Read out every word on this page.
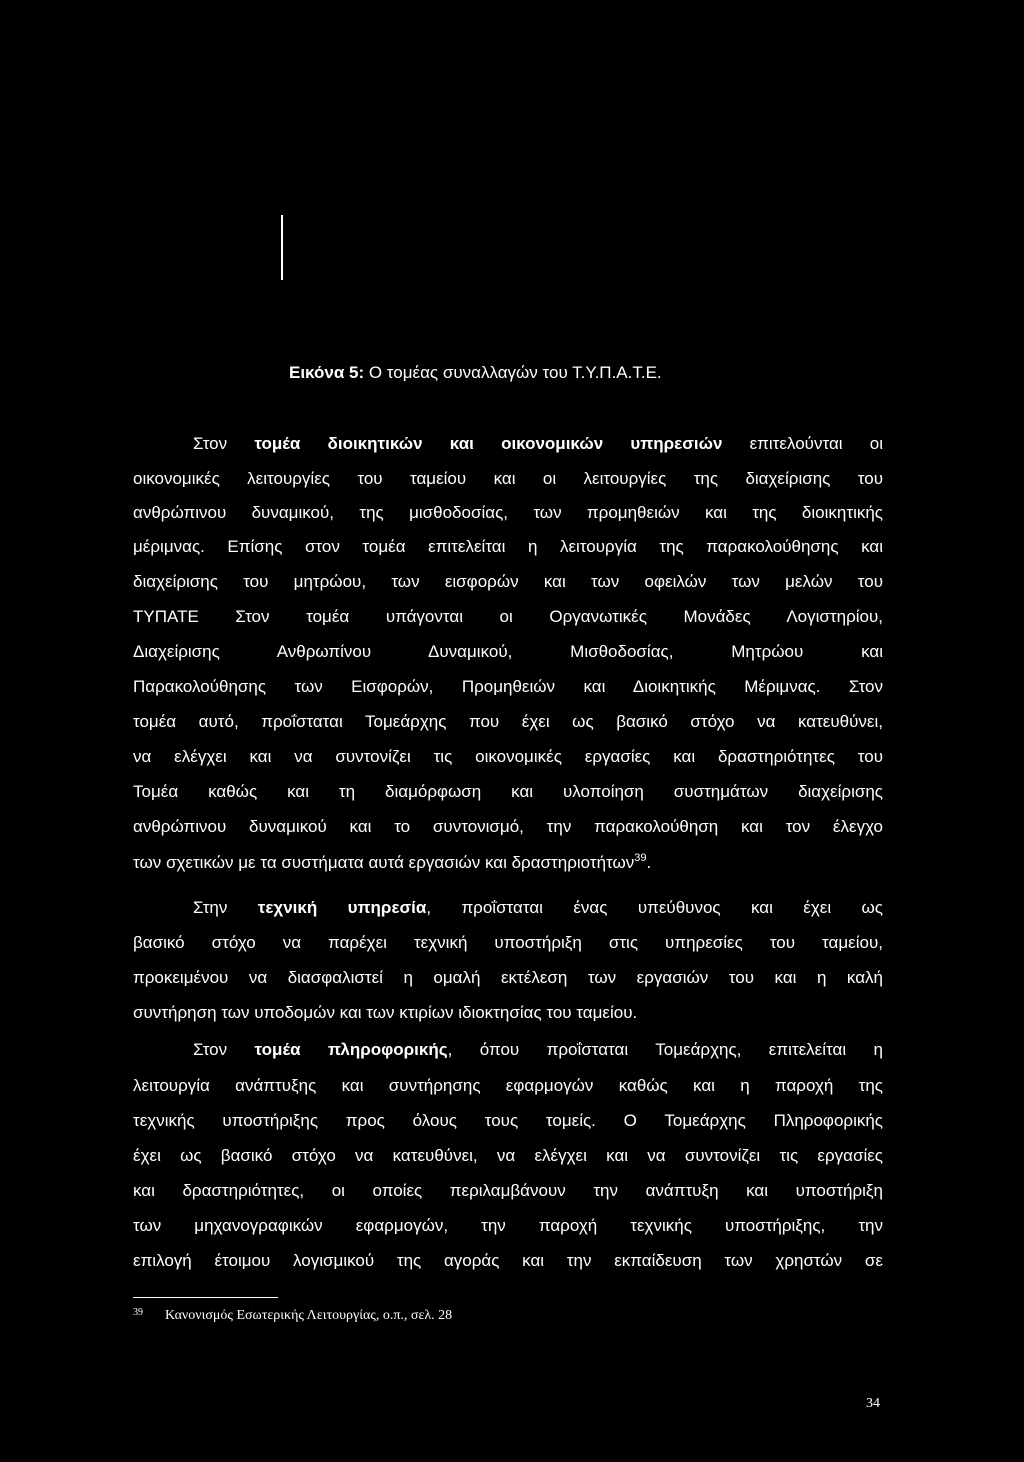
Εικόνα 5: Ο τομέας συναλλαγών του Τ.Υ.Π.Α.Τ.Ε.
Στον τομέα διοικητικών και οικονομικών υπηρεσιών επιτελούνται οι
οικονομικές λειτουργίες του ταμείου και οι λειτουργίες της διαχείρισης του
ανθρώπινου δυναμικού, της μισθοδοσίας, των προμηθειών και της διοικητικής
μέριμνας. Επίσης στον τομέα επιτελείται η λειτουργία της παρακολούθησης και
διαχείρισης του μητρώου, των εισφορών και των οφειλών των μελών του
ΤΥΠΑΤΕ Στον τομέα υπάγονται οι Οργανωτικές Μονάδες Λογιστηρίου,
Διαχείρισης Ανθρωπίνου Δυναμικού, Μισθοδοσίας, Μητρώου και
Παρακολούθησης των Εισφορών, Προμηθειών και Διοικητικής Μέριμνας. Στον
τομέα αυτό, προΐσταται Τομεάρχης που έχει ως βασικό στόχο να κατευθύνει,
να ελέγχει και να συντονίζει τις οικονομικές εργασίες και δραστηριότητες του
Τομέα καθώς και τη διαμόρφωση και υλοποίηση συστημάτων διαχείρισης
ανθρώπινου δυναμικού και το συντονισμό, την παρακολούθηση και τον έλεγχο
των σχετικών με τα συστήματα αυτά εργασιών και δραστηριοτήτων$^{39}$.
Στην τεχνική υπηρεσία, προΐσταται ένας υπεύθυνος και έχει ως
βασικό στόχο να παρέχει τεχνική υποστήριξη στις υπηρεσίες του ταμείου,
προκειμένου να διασφαλιστεί η ομαλή εκτέλεση των εργασιών του και η καλή
συντήρηση των υποδομών και των κτιρίων ιδιοκτησίας του ταμείου.
Στον τομέα πληροφορικής, όπου προΐσταται Τομεάρχης, επιτελείται η
λειτουργία ανάπτυξης και συντήρησης εφαρμογών καθώς και η παροχή της
τεχνικής υποστήριξης προς όλους τους τομείς. Ο Τομεάρχης Πληροφορικής
έχει ως βασικό στόχο να κατευθύνει, να ελέγχει και να συντονίζει τις εργασίες
και δραστηριότητες, οι οποίες περιλαμβάνουν την ανάπτυξη και υποστήριξη
των μηχανογραφικών εφαρμογών, την παροχή τεχνικής υποστήριξης, την
επιλογή έτοιμου λογισμικού της αγοράς και την εκπαίδευση των χρηστών σε
$^{39}$ Κανονισμός Εσωτερικής Λειτουργίας, ο.π., σελ. 28
34
